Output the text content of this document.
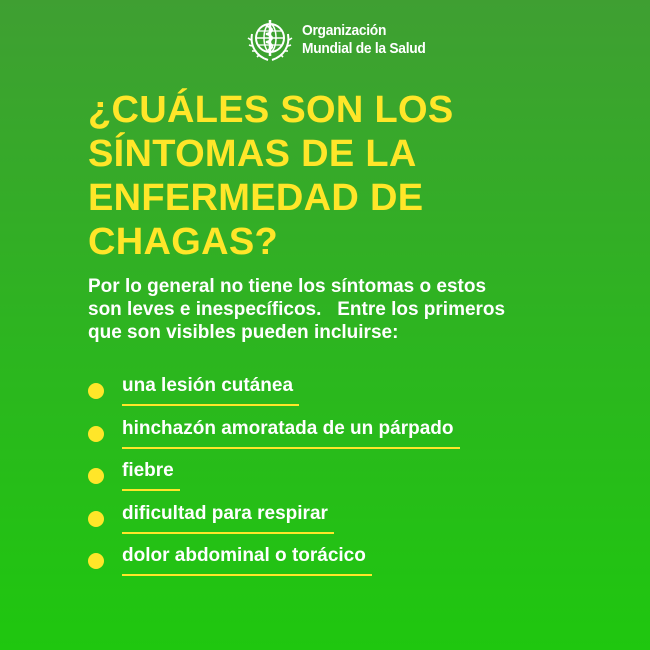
Organización
Mundial de la Salud
¿CUÁLES SON LOS
SÍNTOMAS DE LA
ENFERMEDAD DE
CHAGAS?

Por lo general no tiene los síntomas o estos
son leves e inespecíficos.   Entre los primeros
que son visibles pueden incluirse:

una lesión cutánea
hinchazón amoratada de un párpado
fiebre
dificultad para respirar
dolor abdominal o torácico
